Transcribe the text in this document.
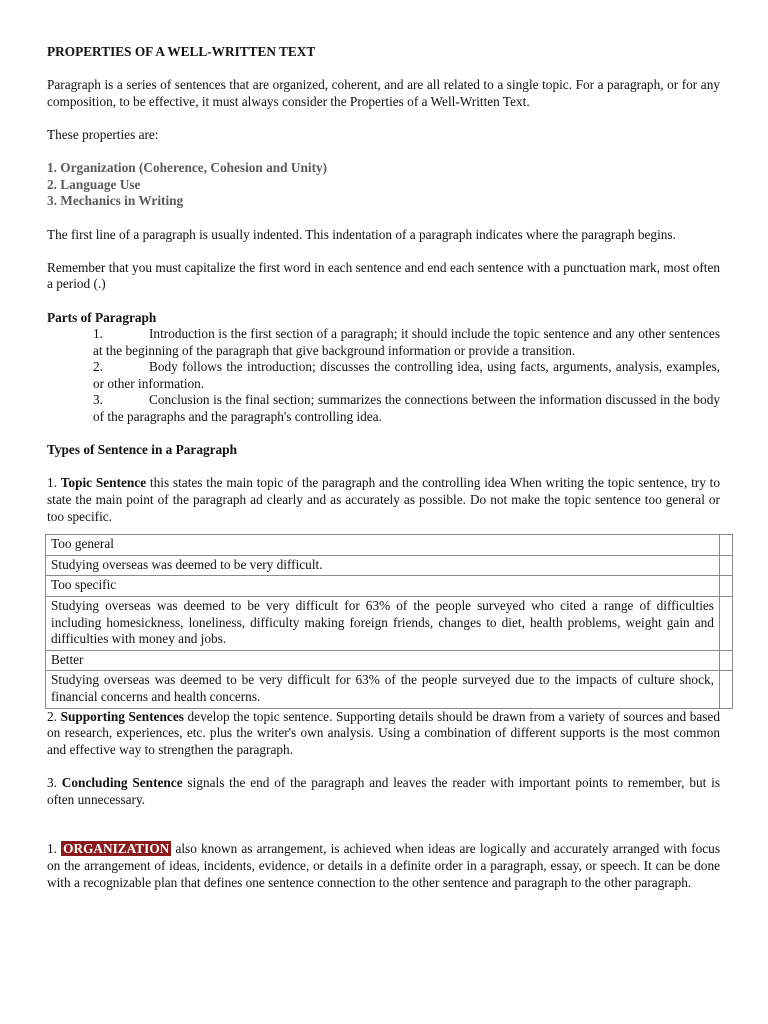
PROPERTIES OF A WELL-WRITTEN TEXT

Paragraph is a series of sentences that are organized, coherent, and are all related to a single topic. For a paragraph, or for any composition, to be effective, it must always consider the Properties of a Well-Written Text.

These properties are:

1. Organization (Coherence, Cohesion and Unity)
2. Language Use
3. Mechanics in Writing

The first line of a paragraph is usually indented. This indentation of a paragraph indicates where the paragraph begins.

Remember that you must capitalize the first word in each sentence and end each sentence with a punctuation mark, most often a period (.)

Parts of Paragraph

1.	Introduction is the first section of a paragraph; it should include the topic sentence and any other sentences at the beginning of the paragraph that give background information or provide a transition.
2.	Body follows the introduction; discusses the controlling idea, using facts, arguments, analysis, examples, or other information.
3.	Conclusion is the final section; summarizes the connections between the information discussed in the body of the paragraphs and the paragraph's controlling idea.

Types of Sentence in a Paragraph

1. Topic Sentence this states the main topic of the paragraph and the controlling idea When writing the topic sentence, try to state the main point of the paragraph ad clearly and as accurately as possible. Do not make the topic sentence too general or too specific.

Too general	
Studying overseas was deemed to be very difficult.	
Too specific	
Studying overseas was deemed to be very difficult for 63% of the people surveyed who cited a range of difficulties including homesickness, loneliness, difficulty making foreign friends, changes to diet, health problems, weight gain and difficulties with money and jobs.	
Better	
Studying overseas was deemed to be very difficult for 63% of the people surveyed due to the impacts of culture shock, financial concerns and health concerns.	

2. Supporting Sentences develop the topic sentence. Supporting details should be drawn from a variety of sources and based on research, experiences, etc. plus the writer's own analysis. Using a combination of different supports is the most common and effective way to strengthen the paragraph.

3. Concluding Sentence signals the end of the paragraph and leaves the reader with important points to remember, but is often unnecessary.

1. ORGANIZATION also known as arrangement, is achieved when ideas are logically and accurately arranged with focus on the arrangement of ideas, incidents, evidence, or details in a definite order in a paragraph, essay, or speech. It can be done with a recognizable plan that defines one sentence connection to the other sentence and paragraph to the other paragraph.
